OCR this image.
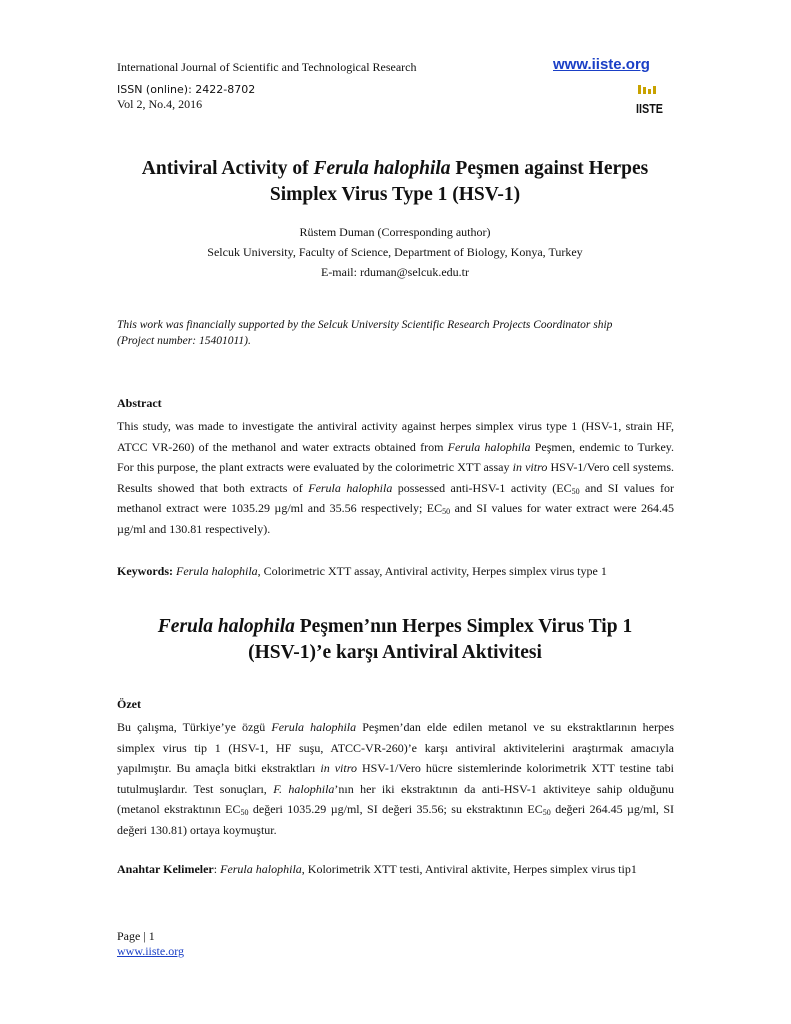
International Journal of Scientific and Technological Research	www.iiste.org
ISSN (online): 2422-8702
Vol 2, No.4, 2016	IISTE
Antiviral Activity of Ferula halophila Peşmen against Herpes
Simplex Virus Type 1 (HSV-1)
Rüstem Duman (Corresponding author)
Selcuk University, Faculty of Science, Department of Biology, Konya, Turkey
E-mail: rduman@selcuk.edu.tr
This work was financially supported by the Selcuk University Scientific Research Projects Coordinator ship
(Project number: 15401011).
Abstract
This study, was made to investigate the antiviral activity against herpes simplex virus type 1 (HSV-1, strain HF, ATCC VR-260) of the methanol and water extracts obtained from Ferula halophila Peşmen, endemic to Turkey. For this purpose, the plant extracts were evaluated by the colorimetric XTT assay in vitro HSV-1/Vero cell systems. Results showed that both extracts of Ferula halophila possessed anti-HSV-1 activity ($EC_{50}$ and SI values for methanol extract were 1035.29 µg/ml and 35.56 respectively; $EC_{50}$ and SI values for water extract were 264.45 µg/ml and 130.81 respectively).
Keywords: Ferula halophila, Colorimetric XTT assay, Antiviral activity, Herpes simplex virus type 1
Ferula halophila Peşmen’nın Herpes Simplex Virus Tip 1
(HSV-1)’e karşı Antiviral Aktivitesi
Özet
Bu çalışma, Türkiye’ye özgü Ferula halophila Peşmen’dan elde edilen metanol ve su ekstraktlarının herpes simplex virus tip 1 (HSV-1, HF suşu, ATCC-VR-260)’e karşı antiviral aktivitelerini araştırmak amacıyla yapılmıştır. Bu amaçla bitki ekstraktları in vitro HSV-1/Vero hücre sistemlerinde kolorimetrik XTT testine tabi tutulmuşlardır. Test sonuçları, F. halophila’nın her iki ekstraktının da anti-HSV-1 aktiviteye sahip olduğunu (metanol ekstraktının $EC_{50}$ değeri 1035.29 µg/ml, SI değeri 35.56; su ekstraktının $EC_{50}$ değeri 264.45 µg/ml, SI değeri 130.81) ortaya koymuştur.
Anahtar Kelimeler: Ferula halophila, Kolorimetrik XTT testi, Antiviral aktivite, Herpes simplex virus tip1
Page | 1
www.iiste.org
